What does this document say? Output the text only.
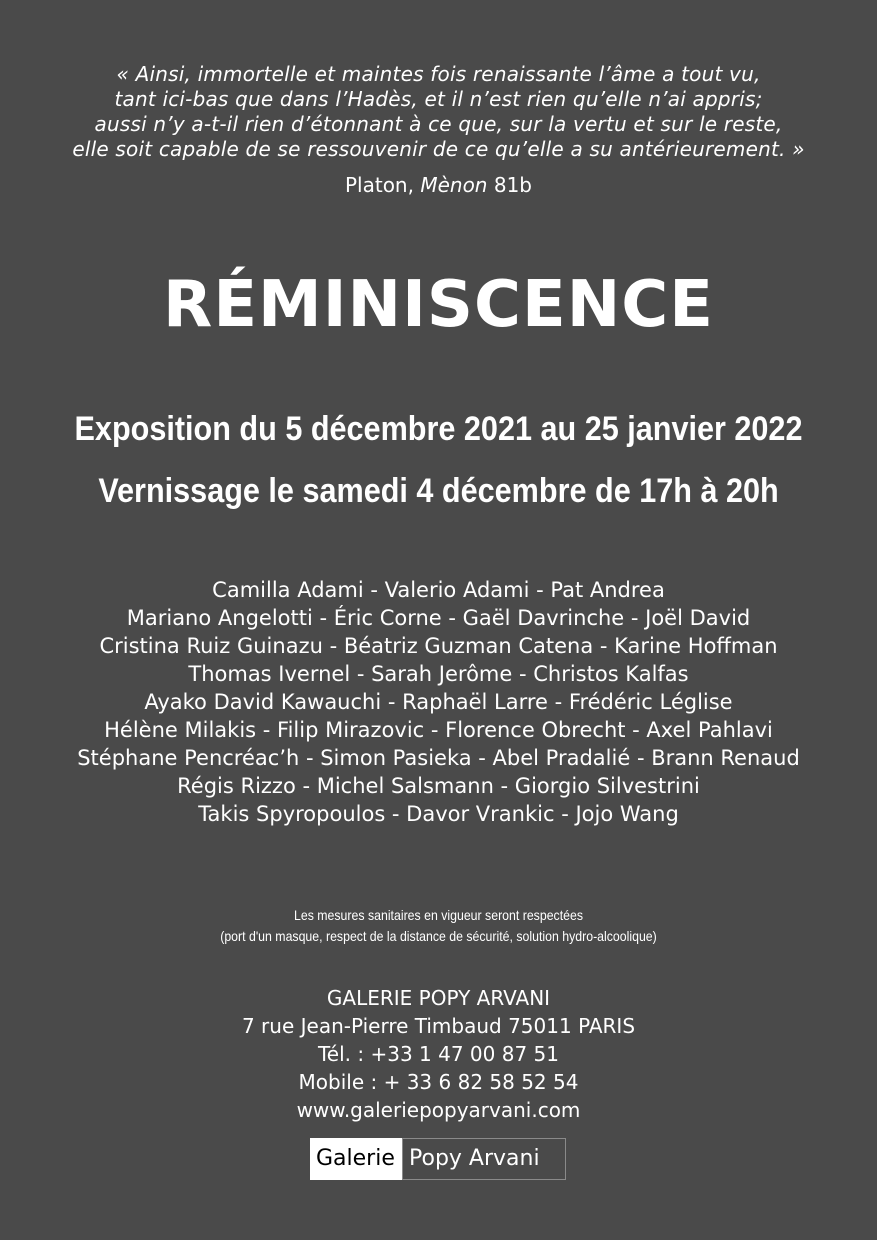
« Ainsi, immortelle et maintes fois renaissante l’âme a tout vu,
tant ici-bas que dans l’Hadès, et il n’est rien qu’elle n’ai appris;
aussi n’y a-t-il rien d’étonnant à ce que, sur la vertu et sur le reste,
elle soit capable de se ressouvenir de ce qu’elle a su antérieurement. »
Platon, Mènon 81b
RÉMINISCENCE
Exposition du 5 décembre 2021 au 25 janvier 2022
Vernissage le samedi 4 décembre de 17h à 20h
Camilla Adami - Valerio Adami - Pat Andrea
Mariano Angelotti - Éric Corne - Gaël Davrinche - Joël David
Cristina Ruiz Guinazu - Béatriz Guzman Catena - Karine Hoffman
Thomas Ivernel - Sarah Jerôme - Christos Kalfas
Ayako David Kawauchi - Raphaël Larre - Frédéric Léglise
Hélène Milakis - Filip Mirazovic - Florence Obrecht - Axel Pahlavi
Stéphane Pencréac’h - Simon Pasieka - Abel Pradalié - Brann Renaud
Régis Rizzo - Michel Salsmann - Giorgio Silvestrini
Takis Spyropoulos - Davor Vrankic - Jojo Wang
Les mesures sanitaires en vigueur seront respectées
(port d'un masque, respect de la distance de sécurité, solution hydro-alcoolique)
GALERIE POPY ARVANI
7 rue Jean-Pierre Timbaud 75011 PARIS
Tél. : +33 1 47 00 87 51
Mobile : + 33 6 82 58 52 54
www.galeriepopyarvani.com
Galerie Popy Arvani
